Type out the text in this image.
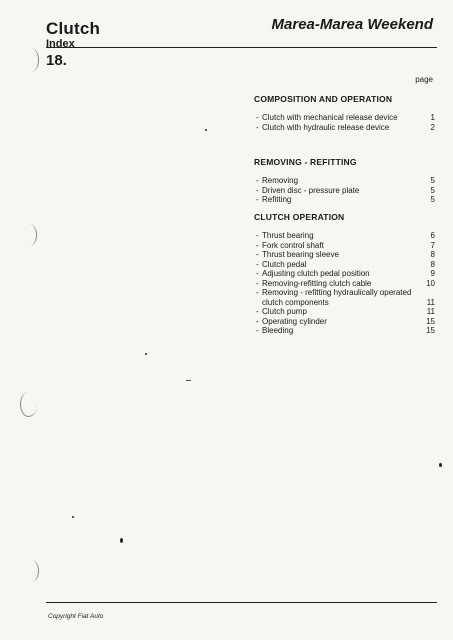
Clutch	Marea-Marea Weekend
Index
18.
page
COMPOSITION AND OPERATION
- Clutch with mechanical release device	1
- Clutch with hydraulic release device	2
REMOVING - REFITTING
- Removing	5
- Driven disc - pressure plate	5
- Refitting	5
CLUTCH OPERATION
- Thrust bearing	6
- Fork control shaft	7
- Thrust bearing sleeve	8
- Clutch pedal	8
- Adjusting clutch pedal position	9
- Removing-refitting clutch cable	10
- Removing - refitting hydraulically operated clutch components	11
- Clutch pump	11
- Operating cylinder	15
- Bleeding	15
Copyright Fiat Auto
